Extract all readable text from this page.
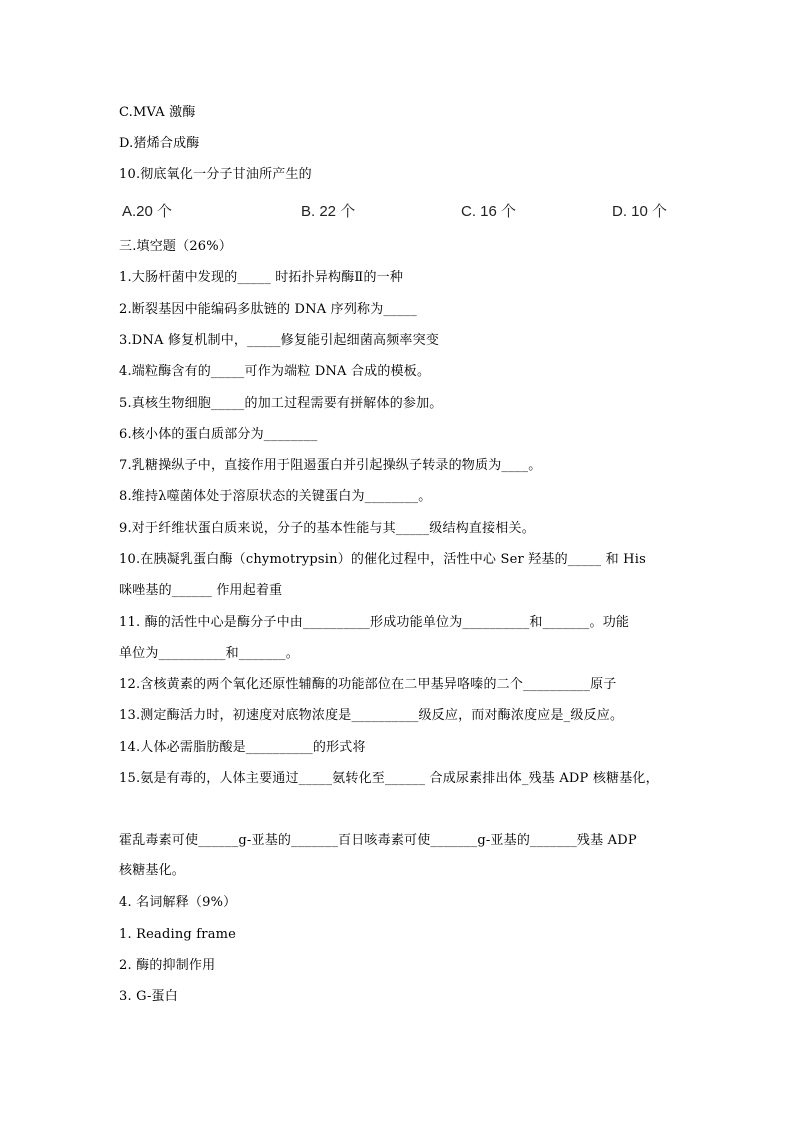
C.MVA 激酶
D.猪烯合成酶
10.彻底氧化一分子甘油所产生的
A.20 个	B. 22 个	C. 16 个	D. 10 个
三.填空题（26%）
1.大肠杆菌中发现的_____ 时拓扑异构酶Ⅱ的一种
2.断裂基因中能编码多肽链的 DNA 序列称为_____
3.DNA 修复机制中，_____修复能引起细菌高频率突变
4.端粒酶含有的_____可作为端粒 DNA 合成的模板。
5.真核生物细胞_____的加工过程需要有拼解体的参加。
6.核小体的蛋白质部分为________
7.乳糖操纵子中，直接作用于阻遏蛋白并引起操纵子转录的物质为____。
8.维持λ噬菌体处于溶原状态的关键蛋白为________。
9.对于纤维状蛋白质来说，分子的基本性能与其_____级结构直接相关。
10.在胰凝乳蛋白酶（chymotrypsin）的催化过程中，活性中心 Ser 羟基的_____ 和 His
咪唑基的______ 作用起着重
11. 酶的活性中心是酶分子中由__________形成功能单位为__________和_______。功能
单位为__________和_______。
12.含核黄素的两个氧化还原性辅酶的功能部位在二甲基异咯嗪的二个__________原子
13.测定酶活力时，初速度对底物浓度是__________级反应，而对酶浓度应是_级反应。
14.人体必需脂肪酸是__________的形式将
15.氨是有毒的，人体主要通过_____氨转化至______ 合成尿素排出体_残基 ADP 核糖基化，
霍乱毒素可使______g-亚基的_______百日咳毒素可使_______g-亚基的_______残基 ADP
核糖基化。
4. 名词解释（9%）
1. Reading frame
2. 酶的抑制作用
3. G-蛋白
